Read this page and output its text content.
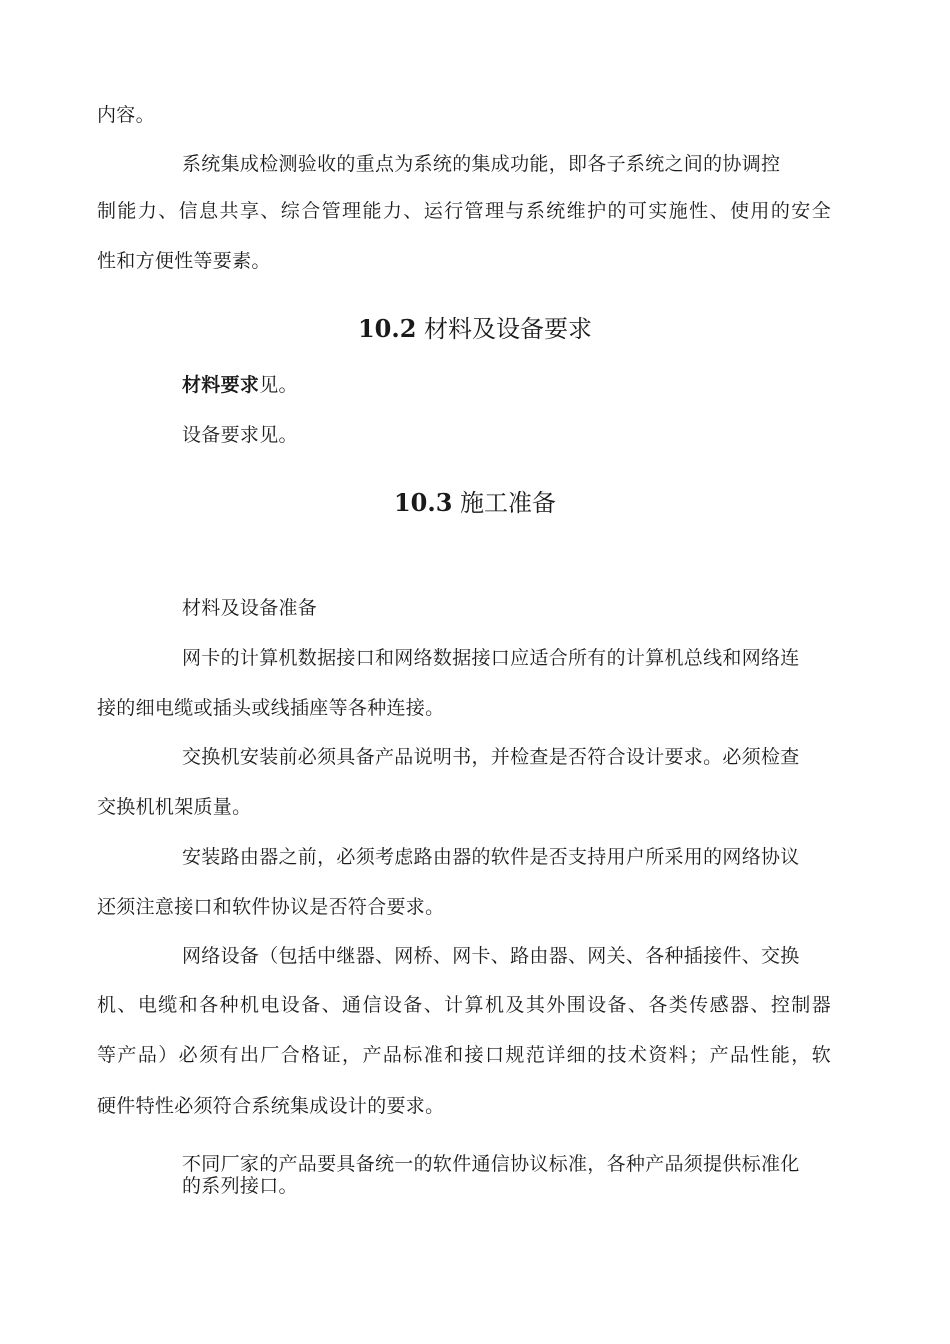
内容。
系统集成检测验收的重点为系统的集成功能，即各子系统之间的协调控
制能力、信息共享、综合管理能力、运行管理与系统维护的可实施性、使用的安全
性和方便性等要素。
10.2 材料及设备要求
材料要求见。
设备要求见。
10.3 施工准备
材料及设备准备
网卡的计算机数据接口和网络数据接口应适合所有的计算机总线和网络连
接的细电缆或插头或线插座等各种连接。
交换机安装前必须具备产品说明书，并检查是否符合设计要求。必须检查
交换机机架质量。
安装路由器之前，必须考虑路由器的软件是否支持用户所采用的网络协议
还须注意接口和软件协议是否符合要求。
网络设备（包括中继器、网桥、网卡、路由器、网关、各种插接件、交换
机、电缆和各种机电设备、通信设备、计算机及其外围设备、各类传感器、控制器
等产品）必须有出厂合格证，产品标准和接口规范详细的技术资料；产品性能，软
硬件特性必须符合系统集成设计的要求。
不同厂家的产品要具备统一的软件通信协议标准，各种产品须提供标准化
的系列接口。
